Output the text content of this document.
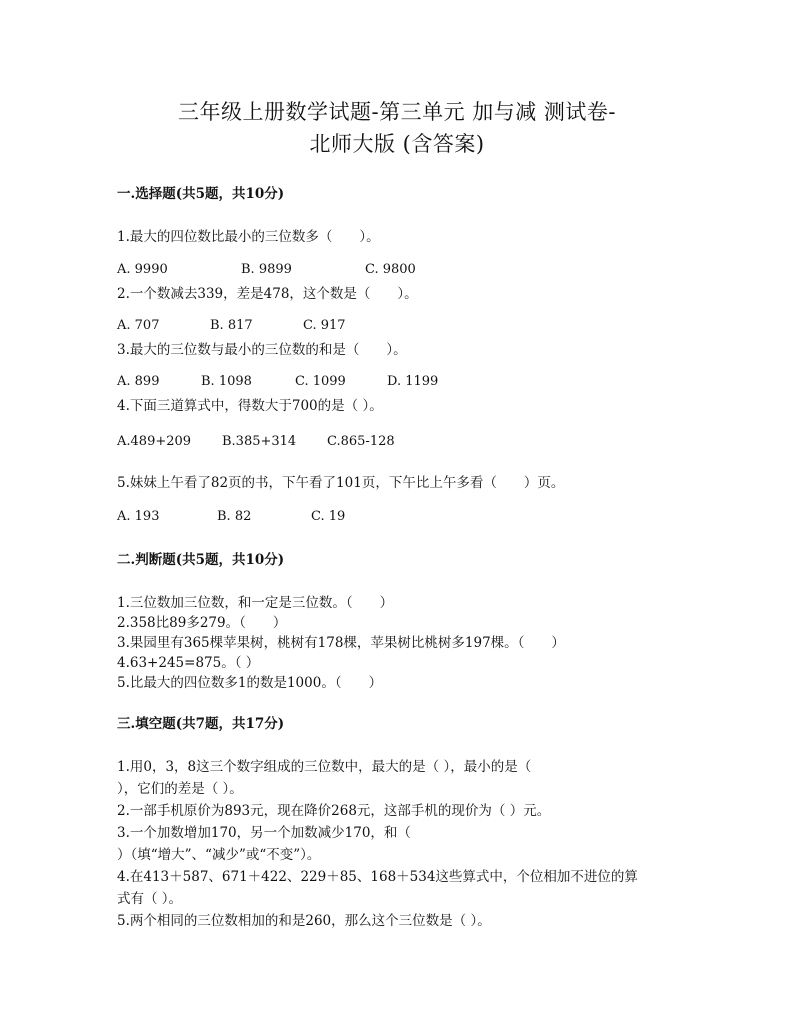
三年级上册数学试题-第三单元 加与减 测试卷-
北师大版 (含答案)
一.选择题(共5题，共10分)
1.最大的四位数比最小的三位数多（　　）。
A. 9990	B. 9899	C. 9800
2.一个数减去339，差是478，这个数是（　　）。
A. 707	B. 817	C. 917
3.最大的三位数与最小的三位数的和是（　　）。
A. 899	B. 1098	C. 1099	D. 1199
4.下面三道算式中，得数大于700的是（ ）。
A.489+209 B.385+314 C.865-128
5.妹妹上午看了82页的书，下午看了101页，下午比上午多看（　　）页。
A. 193	B. 82	C. 19
二.判断题(共5题，共10分)
1.三位数加三位数，和一定是三位数。（　　）
2.358比89多279。（　　）
3.果园里有365棵苹果树，桃树有178棵，苹果树比桃树多197棵。（　　）
4.63+245=875。（ ）
5.比最大的四位数多1的数是1000。（　　）
三.填空题(共7题，共17分)
1.用0，3，8这三个数字组成的三位数中，最大的是（ ），最小的是（
），它们的差是（ ）。
2.一部手机原价为893元，现在降价268元，这部手机的现价为（ ）元。
3.一个加数增加170，另一个加数减少170，和（
）（填“增大”、“减少”或“不变”）。
4.在413＋587、671＋422、229＋85、168＋534这些算式中，个位相加不进位的算
式有（ ）。
5.两个相同的三位数相加的和是260，那么这个三位数是（ ）。
